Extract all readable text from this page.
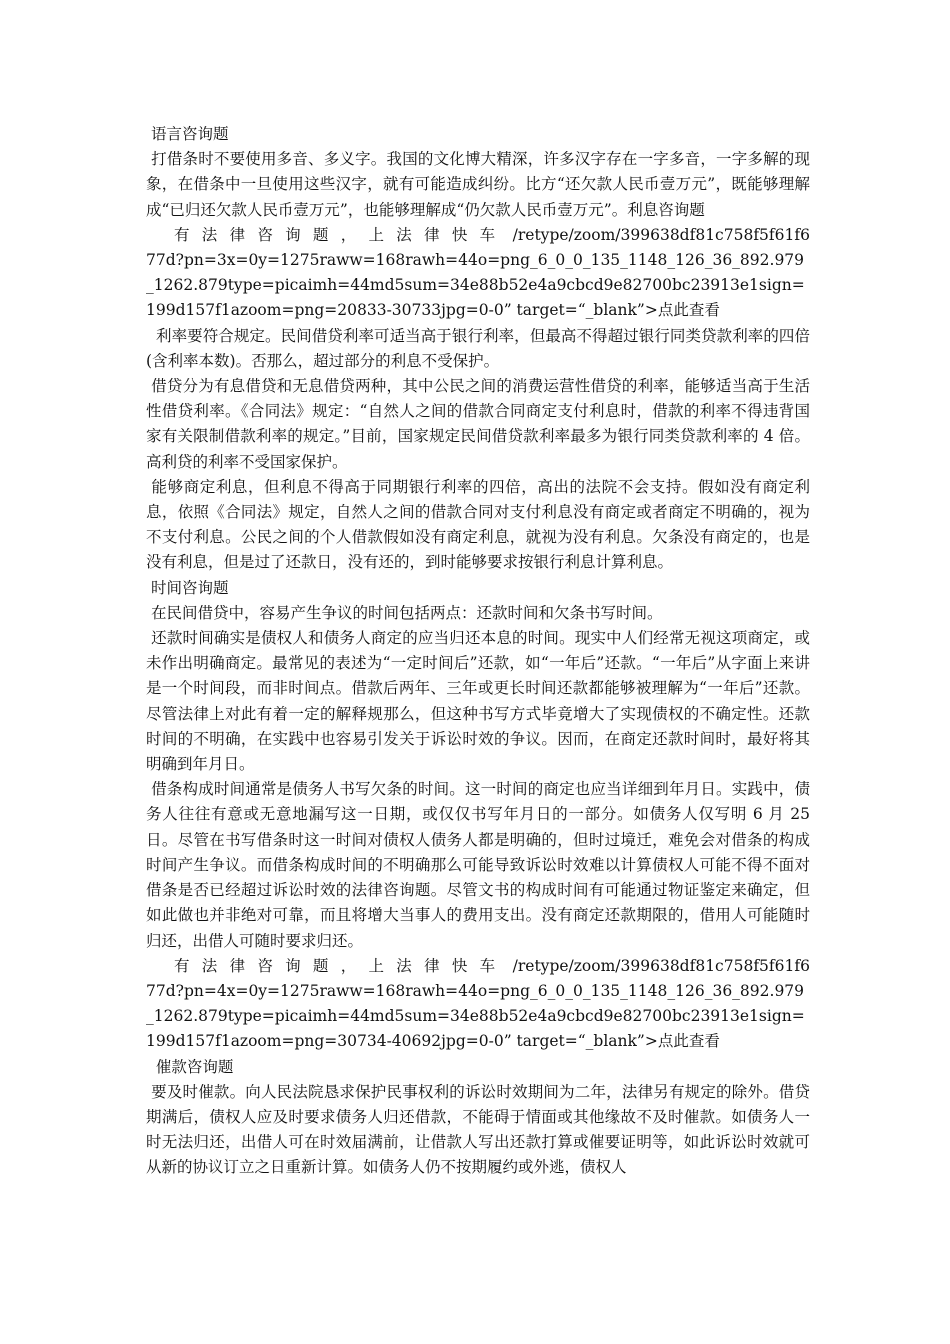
语言咨询题

打借条时不要使用多音、多义字。我国的文化博大精深，许多汉字存在一字多音，一字多解的现象，在借条中一旦使用这些汉字，就有可能造成纠纷。比方“还欠款人民币壹万元”，既能够理解成“已归还欠款人民币壹万元”，也能够理解成“仍欠款人民币壹万元”。利息咨询题

有法律咨询题，上法律快车 /retype/zoom/399638df81c758f5f61f677d?pn=3x=0y=1275raww=168rawh=44o=png_6_0_0_135_1148_126_36_892.979_1262.879type=picaimh=44md5sum=34e88b52e4a9cbcd9e82700bc23913e1sign=199d157f1azoom=png=20833-30733jpg=0-0” target=“_blank”>点此查看

利率要符合规定。民间借贷利率可适当高于银行利率，但最高不得超过银行同类贷款利率的四倍(含利率本数)。否那么，超过部分的利息不受保护。

借贷分为有息借贷和无息借贷两种，其中公民之间的消费运营性借贷的利率，能够适当高于生活性借贷利率。《合同法》规定：“自然人之间的借款合同商定支付利息时，借款的利率不得违背国家有关限制借款利率的规定。”目前，国家规定民间借贷款利率最多为银行同类贷款利率的 4 倍。高利贷的利率不受国家保护。

能够商定利息，但利息不得高于同期银行利率的四倍，高出的法院不会支持。假如没有商定利息，依照《合同法》规定，自然人之间的借款合同对支付利息没有商定或者商定不明确的，视为不支付利息。公民之间的个人借款假如没有商定利息，就视为没有利息。欠条没有商定的，也是没有利息，但是过了还款日，没有还的，到时能够要求按银行利息计算利息。

时间咨询题

在民间借贷中，容易产生争议的时间包括两点：还款时间和欠条书写时间。

还款时间确实是债权人和债务人商定的应当归还本息的时间。现实中人们经常无视这项商定，或未作出明确商定。最常见的表述为“一定时间后”还款，如“一年后”还款。“一年后”从字面上来讲是一个时间段，而非时间点。借款后两年、三年或更长时间还款都能够被理解为“一年后”还款。尽管法律上对此有着一定的解释规那么，但这种书写方式毕竟增大了实现债权的不确定性。还款时间的不明确，在实践中也容易引发关于诉讼时效的争议。因而，在商定还款时间时，最好将其明确到年月日。

借条构成时间通常是债务人书写欠条的时间。这一时间的商定也应当详细到年月日。实践中，债务人往往有意或无意地漏写这一日期，或仅仅书写年月日的一部分。如债务人仅写明 6 月 25 日。尽管在书写借条时这一时间对债权人债务人都是明确的，但时过境迁，难免会对借条的构成时间产生争议。而借条构成时间的不明确那么可能导致诉讼时效难以计算债权人可能不得不面对借条是否已经超过诉讼时效的法律咨询题。尽管文书的构成时间有可能通过物证鉴定来确定，但如此做也并非绝对可靠，而且将增大当事人的费用支出。没有商定还款期限的，借用人可能随时归还，出借人可随时要求归还。

有法律咨询题，上法律快车 /retype/zoom/399638df81c758f5f61f677d?pn=4x=0y=1275raww=168rawh=44o=png_6_0_0_135_1148_126_36_892.979_1262.879type=picaimh=44md5sum=34e88b52e4a9cbcd9e82700bc23913e1sign=199d157f1azoom=png=30734-40692jpg=0-0” target=“_blank”>点此查看

催款咨询题

要及时催款。向人民法院恳求保护民事权利的诉讼时效期间为二年，法律另有规定的除外。借贷期满后，债权人应及时要求债务人归还借款，不能碍于情面或其他缘故不及时催款。如债务人一时无法归还，出借人可在时效届满前，让借款人写出还款打算或催要证明等，如此诉讼时效就可从新的协议订立之日重新计算。如债务人仍不按期履约或外逃，债权人
